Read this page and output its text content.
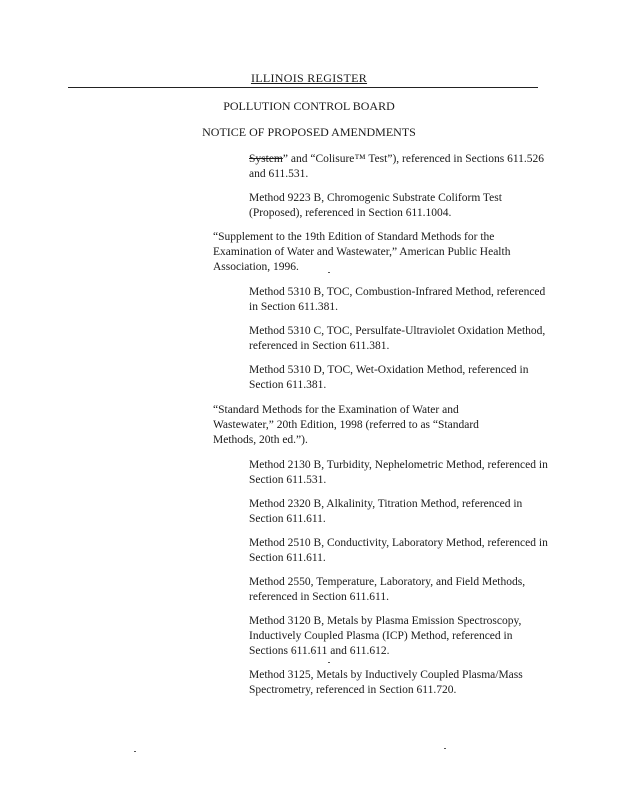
ILLINOIS REGISTER
POLLUTION CONTROL BOARD
NOTICE OF PROPOSED AMENDMENTS
System” and “Colisure™ Test”), referenced in Sections 611.526 and 611.531.
Method 9223 B, Chromogenic Substrate Coliform Test (Proposed), referenced in Section 611.1004.
“Supplement to the 19th Edition of Standard Methods for the Examination of Water and Wastewater,” American Public Health Association, 1996.
Method 5310 B, TOC, Combustion-Infrared Method, referenced in Section 611.381.
Method 5310 C, TOC, Persulfate-Ultraviolet Oxidation Method, referenced in Section 611.381.
Method 5310 D, TOC, Wet-Oxidation Method, referenced in Section 611.381.
“Standard Methods for the Examination of Water and Wastewater,” 20th Edition, 1998 (referred to as “Standard Methods, 20th ed.”).
Method 2130 B, Turbidity, Nephelometric Method, referenced in Section 611.531.
Method 2320 B, Alkalinity, Titration Method, referenced in Section 611.611.
Method 2510 B, Conductivity, Laboratory Method, referenced in Section 611.611.
Method 2550, Temperature, Laboratory, and Field Methods, referenced in Section 611.611.
Method 3120 B, Metals by Plasma Emission Spectroscopy, Inductively Coupled Plasma (ICP) Method, referenced in Sections 611.611 and 611.612.
Method 3125, Metals by Inductively Coupled Plasma/Mass Spectrometry, referenced in Section 611.720.
